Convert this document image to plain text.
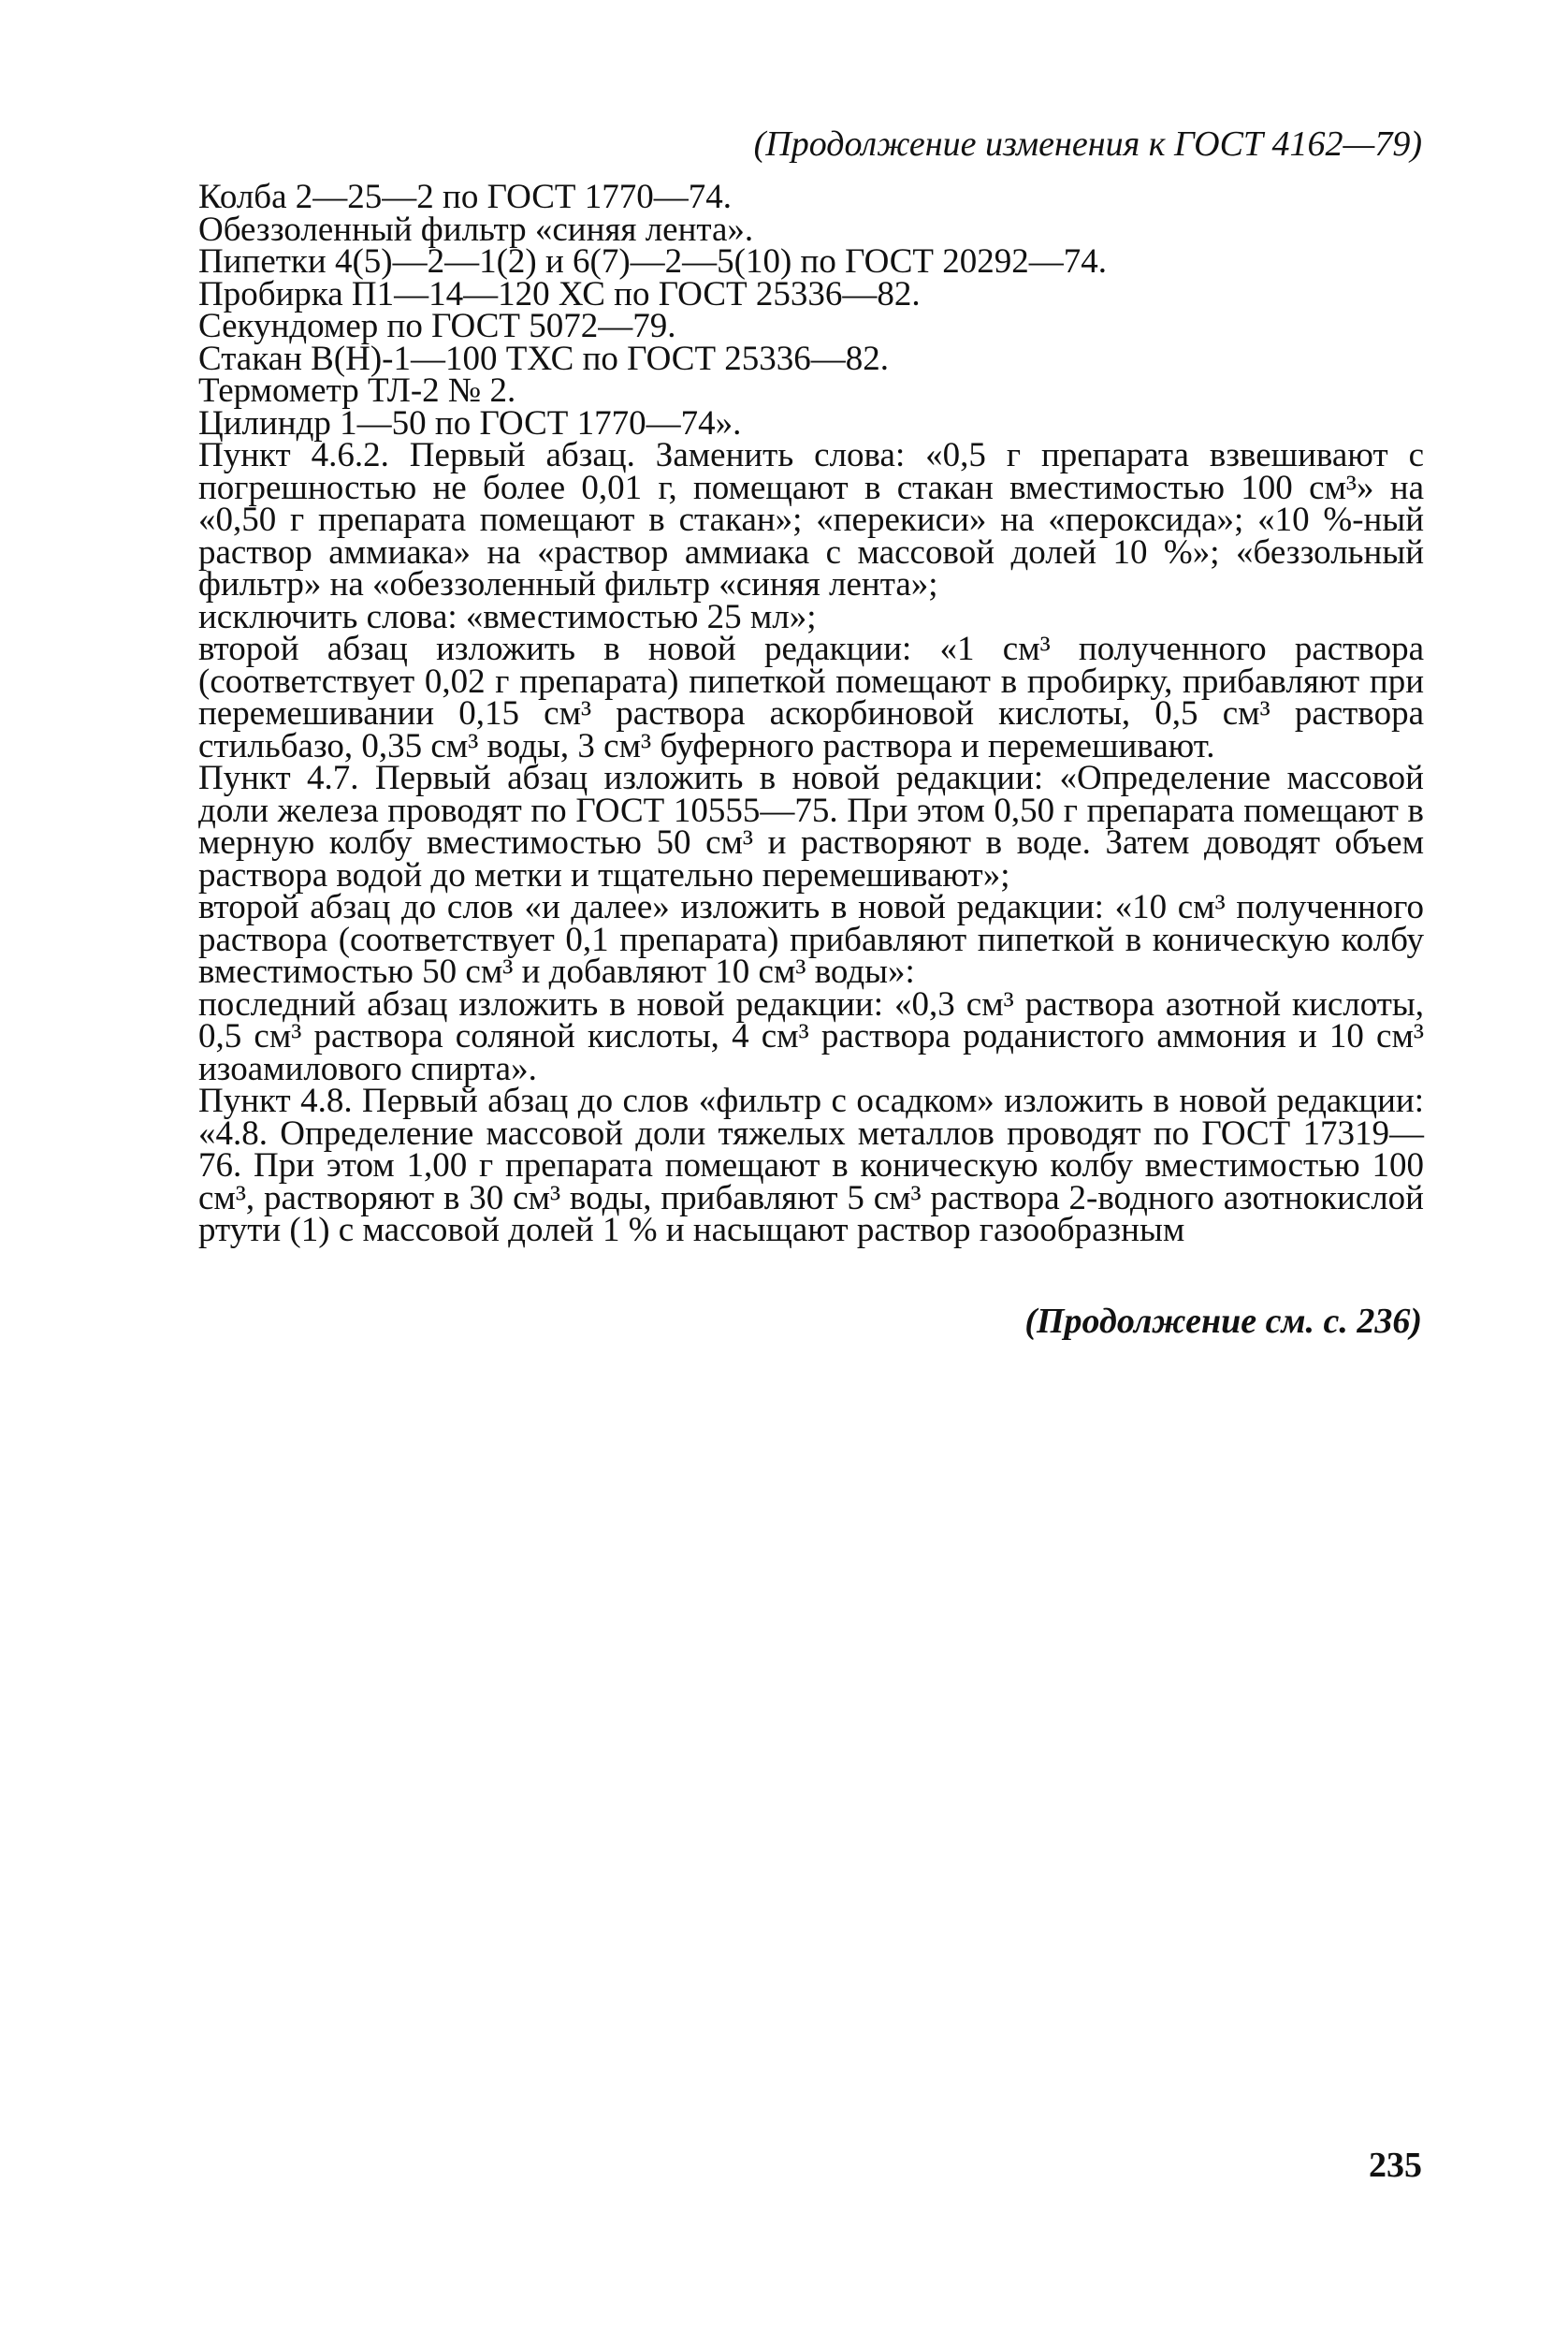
(Продолжение изменения к ГОСТ 4162—79)

Колба 2—25—2 по ГОСТ 1770—74.

Обеззоленный фильтр «синяя лента».

Пипетки 4(5)—2—1(2) и 6(7)—2—5(10) по ГОСТ 20292—74.

Пробирка П1—14—120 ХС по ГОСТ 25336—82.

Секундомер по ГОСТ 5072—79.

Стакан В(Н)-1—100 ТХС по ГОСТ 25336—82.

Термометр ТЛ-2 № 2.

Цилиндр 1—50 по ГОСТ 1770—74».

Пункт 4.6.2. Первый абзац. Заменить слова: «0,5 г препарата взвешивают с погрешностью не более 0,01 г, помещают в стакан вместимостью 100 см³» на «0,50 г препарата помещают в стакан»; «перекиси» на «пероксида»; «10 %-ный раствор аммиака» на «раствор аммиака с массовой долей 10 %»; «беззольный фильтр» на «обеззоленный фильтр «синяя лента»;

исключить слова: «вместимостью 25 мл»;

второй абзац изложить в новой редакции: «1 см³ полученного раствора (соответствует 0,02 г препарата) пипеткой помещают в пробирку, прибавляют при перемешивании 0,15 см³ раствора аскорбиновой кислоты, 0,5 см³ раствора стильбазо, 0,35 см³ воды, 3 см³ буферного раствора и перемешивают.

Пункт 4.7. Первый абзац изложить в новой редакции: «Определение массовой доли железа проводят по ГОСТ 10555—75. При этом 0,50 г препарата помещают в мерную колбу вместимостью 50 см³ и растворяют в воде. Затем доводят объем раствора водой до метки и тщательно перемешивают»;

второй абзац до слов «и далее» изложить в новой редакции: «10 см³ полученного раствора (соответствует 0,1 препарата) прибавляют пипеткой в коническую колбу вместимостью 50 см³ и добавляют 10 см³ воды»:

последний абзац изложить в новой редакции: «0,3 см³ раствора азотной кислоты, 0,5 см³ раствора соляной кислоты, 4 см³ раствора роданистого аммония и 10 см³ изоамилового спирта».

Пункт 4.8. Первый абзац до слов «фильтр с осадком» изложить в новой редакции: «4.8. Определение массовой доли тяжелых металлов проводят по ГОСТ 17319—76. При этом 1,00 г препарата помещают в коническую колбу вместимостью 100 см³, растворяют в 30 см³ воды, прибавляют 5 см³ раствора 2-водного азотнокислой ртути (1) с массовой долей 1 % и насыщают раствор газообразным

(Продолжение см. с. 236)
235
